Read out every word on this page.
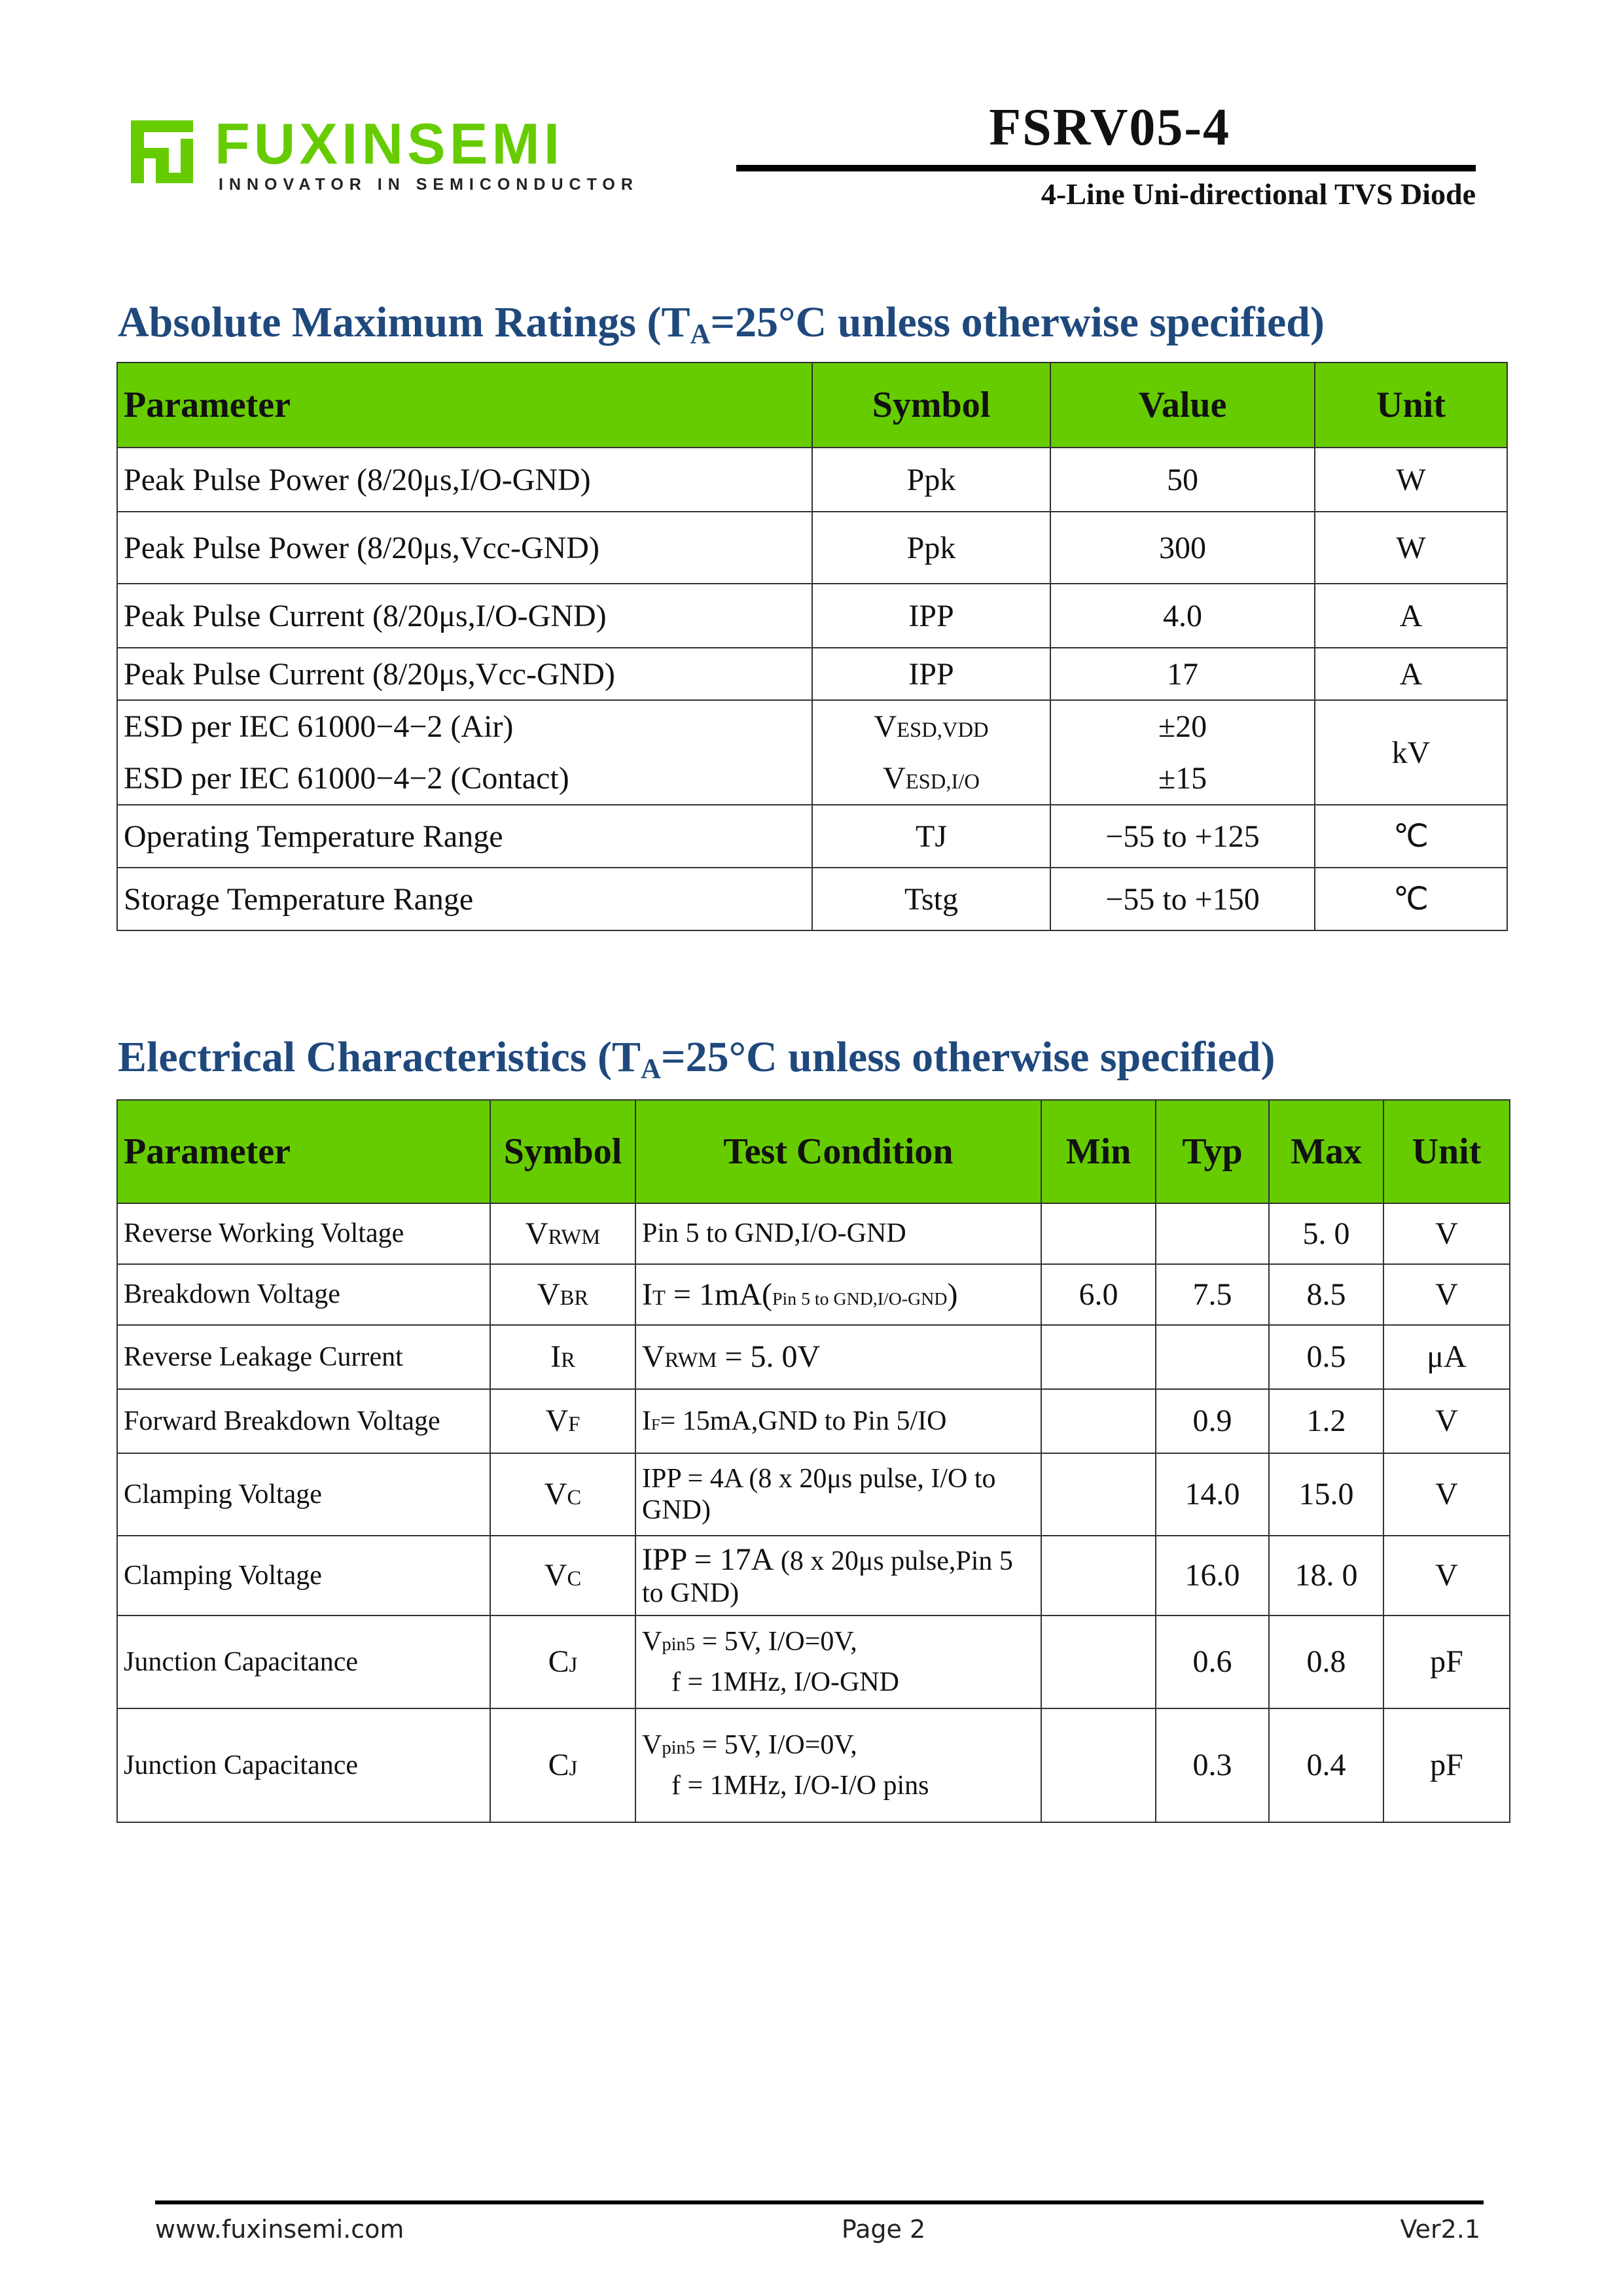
FUXINSEMI
INNOVATOR IN SEMICONDUCTOR
FSRV05-4
4-Line Uni-directional TVS Diode
Absolute Maximum Ratings ($T_A=25^\circ C$ unless otherwise specified)
Parameter	Symbol	Value	Unit
Peak Pulse Power (8/20μs,I/O-GND)	Ppk	50	W
Peak Pulse Power (8/20μs,Vcc-GND)	Ppk	300	W
Peak Pulse Current (8/20μs,I/O-GND)	IPP	4.0	A
Peak Pulse Current (8/20μs,Vcc-GND)	IPP	17	A
ESD per IEC 61000−4−2 (Air)	VESD,VDD	±20	kV
ESD per IEC 61000−4−2 (Contact)	VESD,I/O	±15	
Operating Temperature Range	TJ	−55 to +125	℃
Storage Temperature Range	Tstg	−55 to +150	℃
Electrical Characteristics ($T_A=25^\circ C$ unless otherwise specified)
Parameter	Symbol	Test Condition	Min	Typ	Max	Unit
Reverse Working Voltage	VRWM	Pin 5 to GND,I/O-GND			5. 0	V
Breakdown Voltage	VBR	IT = 1mA(Pin 5 to GND,I/O-GND)	6.0	7.5	8.5	V
Reverse Leakage Current	IR	VRWM = 5. 0V			0.5	μA
Forward Breakdown Voltage	VF	IF= 15mA,GND to Pin 5/IO		0.9	1.2	V
Clamping Voltage	VC	IPP = 4A (8 x 20μs pulse, I/O to GND)		14.0	15.0	V
Clamping Voltage	VC	IPP = 17A (8 x 20μs pulse,Pin 5 to GND)		16.0	18. 0	V
Junction Capacitance	CJ	Vpin5 = 5V, I/O=0V,
f = 1MHz, I/O-GND		0.6	0.8	pF
Junction Capacitance	CJ	Vpin5 = 5V, I/O=0V,
f = 1MHz, I/O-I/O pins		0.3	0.4	pF
www.fuxinsemi.com	Page 2	Ver2.1
